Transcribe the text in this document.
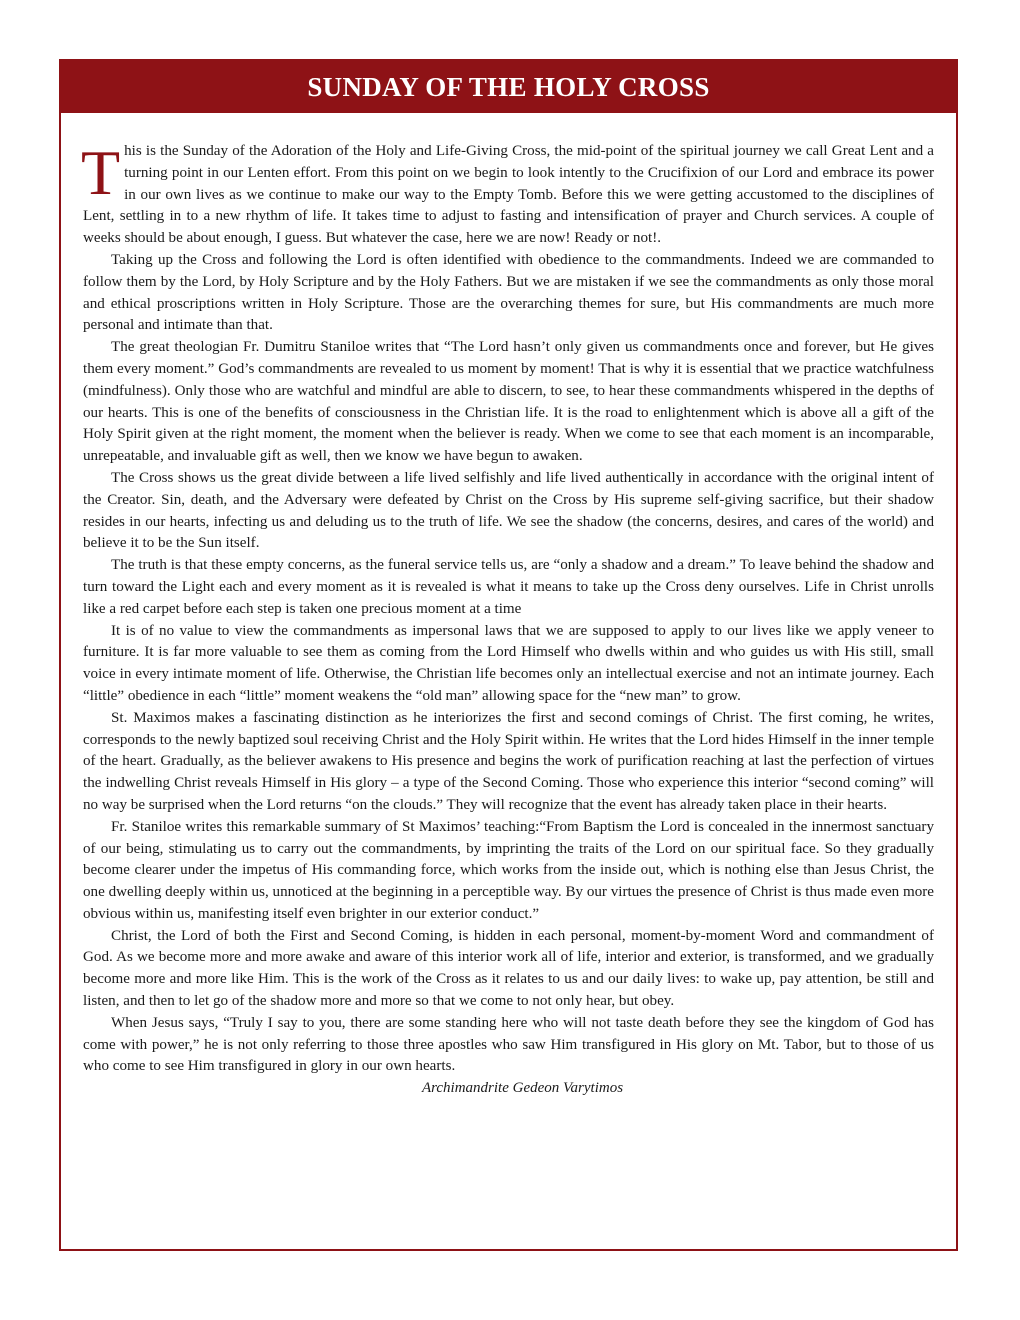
SUNDAY OF THE HOLY CROSS

This is the Sunday of the Adoration of the Holy and Life-Giving Cross, the mid-point of the spiritual journey we call Great Lent and a turning point in our Lenten effort. From this point on we begin to look intently to the Crucifixion of our Lord and embrace its power in our own lives as we continue to make our way to the Empty Tomb. Before this we were getting accustomed to the disciplines of Lent, settling in to a new rhythm of life. It takes time to adjust to fasting and intensification of prayer and Church services. A couple of weeks should be about enough, I guess. But whatever the case, here we are now! Ready or not!.

Taking up the Cross and following the Lord is often identified with obedience to the commandments. Indeed we are commanded to follow them by the Lord, by Holy Scripture and by the Holy Fathers. But we are mistaken if we see the commandments as only those moral and ethical proscriptions written in Holy Scripture. Those are the overarching themes for sure, but His commandments are much more personal and intimate than that.

The great theologian Fr. Dumitru Staniloe writes that “The Lord hasn’t only given us commandments once and forever, but He gives them every moment.” God’s commandments are revealed to us moment by moment! That is why it is essential that we practice watchfulness (mindfulness). Only those who are watchful and mindful are able to discern, to see, to hear these commandments whispered in the depths of our hearts. This is one of the benefits of consciousness in the Christian life. It is the road to enlightenment which is above all a gift of the Holy Spirit given at the right moment, the moment when the believer is ready. When we come to see that each moment is an incomparable, unrepeatable, and invaluable gift as well, then we know we have begun to awaken.

The Cross shows us the great divide between a life lived selfishly and life lived authentically in accordance with the original intent of the Creator. Sin, death, and the Adversary were defeated by Christ on the Cross by His supreme self-giving sacrifice, but their shadow resides in our hearts, infecting us and deluding us to the truth of life. We see the shadow (the concerns, desires, and cares of the world) and believe it to be the Sun itself.

The truth is that these empty concerns, as the funeral service tells us, are “only a shadow and a dream.” To leave behind the shadow and turn toward the Light each and every moment as it is revealed is what it means to take up the Cross deny ourselves. Life in Christ unrolls like a red carpet before each step is taken one precious moment at a time

It is of no value to view the commandments as impersonal laws that we are supposed to apply to our lives like we apply veneer to furniture. It is far more valuable to see them as coming from the Lord Himself who dwells within and who guides us with His still, small voice in every intimate moment of life. Otherwise, the Christian life becomes only an intellectual exercise and not an intimate journey. Each “little” obedience in each “little” moment weakens the “old man” allowing space for the “new man” to grow.

St. Maximos makes a fascinating distinction as he interiorizes the first and second comings of Christ. The first coming, he writes, corresponds to the newly baptized soul receiving Christ and the Holy Spirit within. He writes that the Lord hides Himself in the inner temple of the heart. Gradually, as the believer awakens to His presence and begins the work of purification reaching at last the perfection of virtues the indwelling Christ reveals Himself in His glory – a type of the Second Coming. Those who experience this interior “second coming” will no way be surprised when the Lord returns “on the clouds.” They will recognize that the event has already taken place in their hearts.

Fr. Staniloe writes this remarkable summary of St Maximos’ teaching:“From Baptism the Lord is concealed in the innermost sanctuary of our being, stimulating us to carry out the commandments, by imprinting the traits of the Lord on our spiritual face. So they gradually become clearer under the impetus of His commanding force, which works from the inside out, which is nothing else than Jesus Christ, the one dwelling deeply within us, unnoticed at the beginning in a perceptible way. By our virtues the presence of Christ is thus made even more obvious within us, manifesting itself even brighter in our exterior conduct.”

Christ, the Lord of both the First and Second Coming, is hidden in each personal, moment-by-moment Word and commandment of God. As we become more and more awake and aware of this interior work all of life, interior and exterior, is transformed, and we gradually become more and more like Him. This is the work of the Cross as it relates to us and our daily lives: to wake up, pay attention, be still and listen, and then to let go of the shadow more and more so that we come to not only hear, but obey.

When Jesus says, “Truly I say to you, there are some standing here who will not taste death before they see the kingdom of God has come with power,” he is not only referring to those three apostles who saw Him transfigured in His glory on Mt. Tabor, but to those of us who come to see Him transfigured in glory in our own hearts.

Archimandrite Gedeon Varytimos
